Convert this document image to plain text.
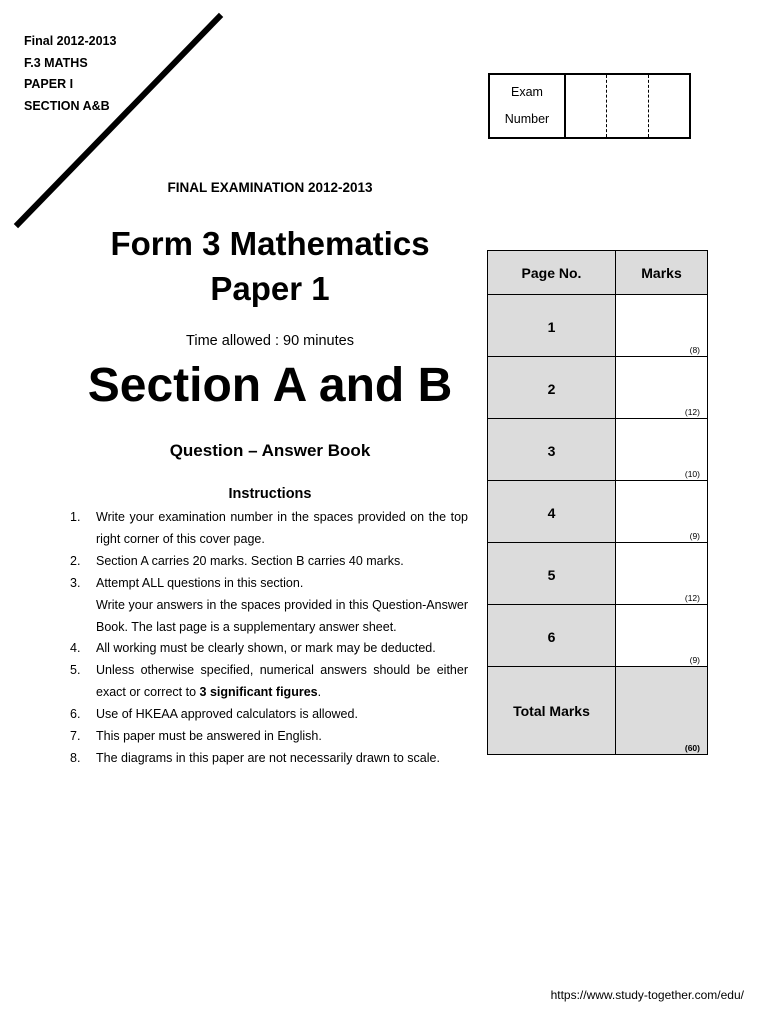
Final 2012-2013
F.3 MATHS
PAPER I
SECTION A&B
Exam
Number
FINAL EXAMINATION 2012-2013
Form 3 Mathematics
Paper 1
Time allowed : 90 minutes
Section A and B
Question – Answer Book
Instructions
1.	Write your examination number in the spaces provided on the top right corner of this cover page.
2.	Section A carries 20 marks. Section B carries 40 marks.
3.	Attempt ALL questions in this section.
Write your answers in the spaces provided in this Question-Answer Book. The last page is a supplementary answer sheet.
4.	All working must be clearly shown, or mark may be deducted.
5.	Unless otherwise specified, numerical answers should be either exact or correct to 3 significant figures.
6.	Use of HKEAA approved calculators is allowed.
7.	This paper must be answered in English.
8.	The diagrams in this paper are not necessarily drawn to scale.
Page No.	Marks
1	(8)

2	(12)

3	(10)

4	(9)

5	(12)

6	(9)

Total Marks	(60)
https://www.study-together.com/edu/
